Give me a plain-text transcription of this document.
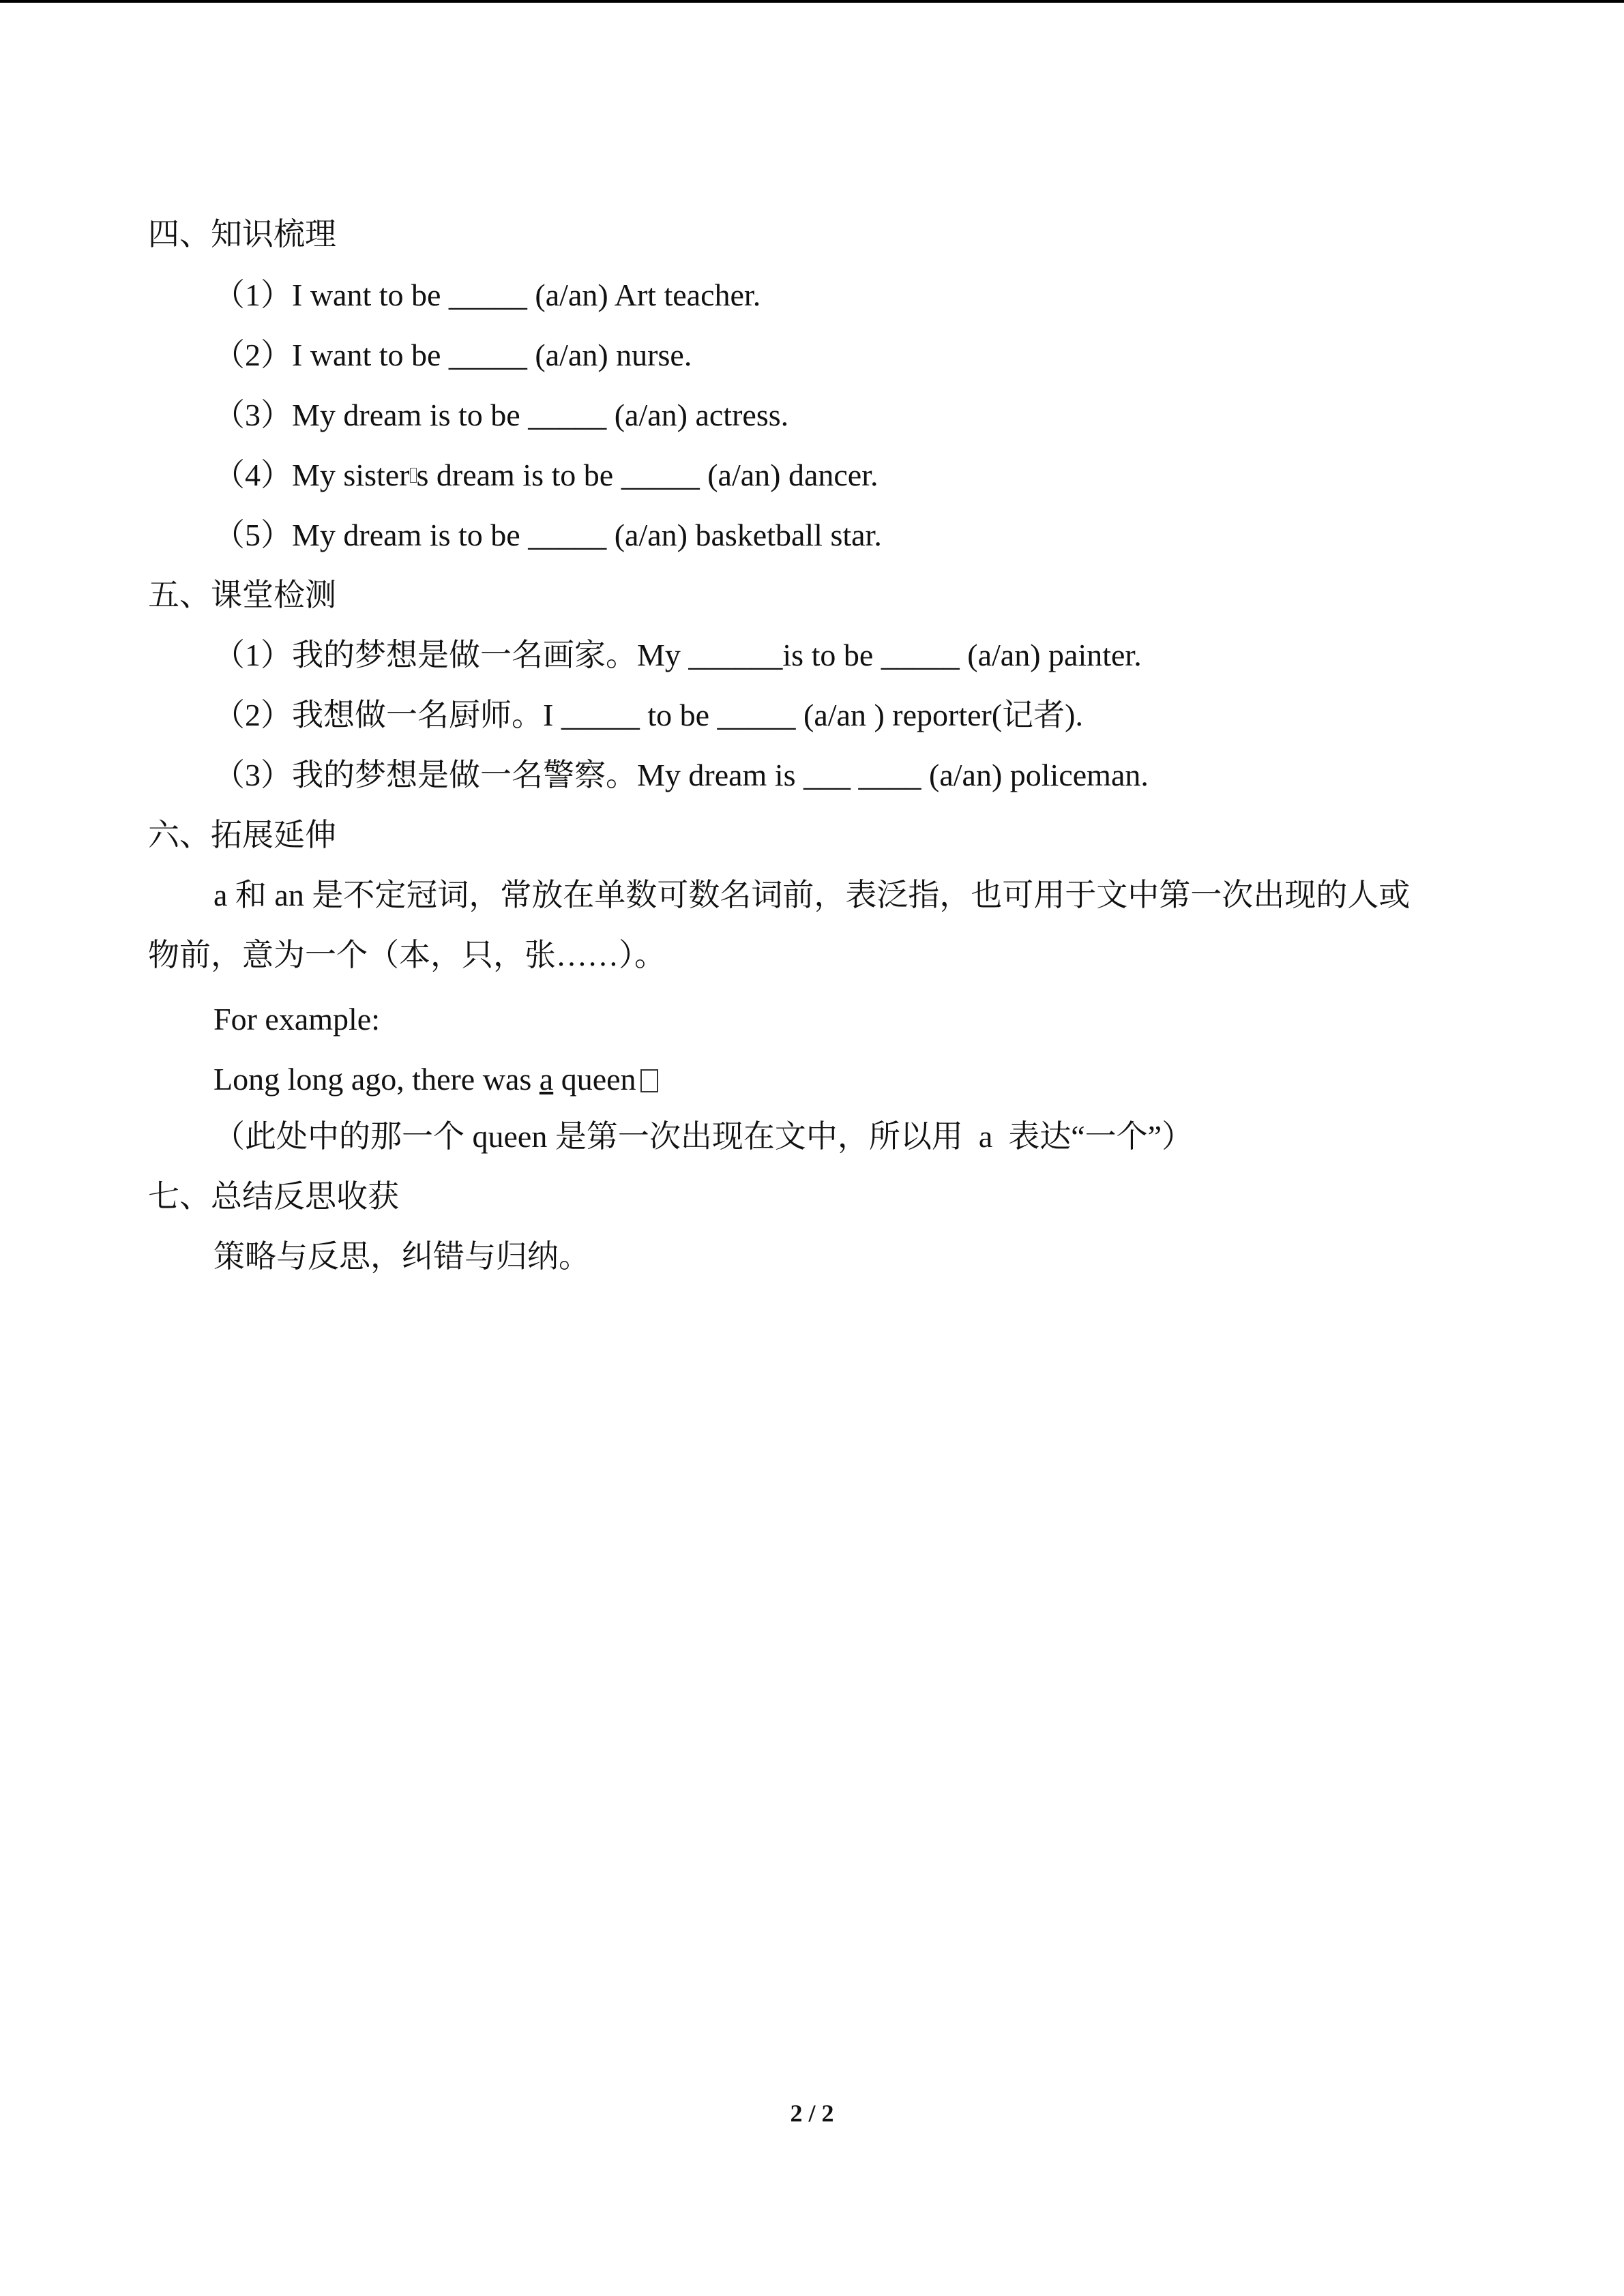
四、知识梳理
（1）I want to be _____ (a/an) Art teacher.
（2）I want to be _____ (a/an) nurse.
（3）My dream is to be _____ (a/an) actress.
（4）My sister s dream is to be _____ (a/an) dancer.
（5）My dream is to be _____ (a/an) basketball star.
五、课堂检测
（1）我的梦想是做一名画家。My ______is to be _____ (a/an) painter.
（2）我想做一名厨师。I _____ to be _____ (a/an ) reporter(记者).
（3）我的梦想是做一名警察。My dream is ___ ____ (a/an) policeman.
六、拓展延伸
a 和 an 是不定冠词，常放在单数可数名词前，表泛指，也可用于文中第一次出现的人或
物前，意为一个（本，只，张……）。
For example:
Long long ago, there was a queen
（此处中的那一个 queen 是第一次出现在文中，所以用  a  表达“一个”）
七、总结反思收获
策略与反思，纠错与归纳。
2 / 2
